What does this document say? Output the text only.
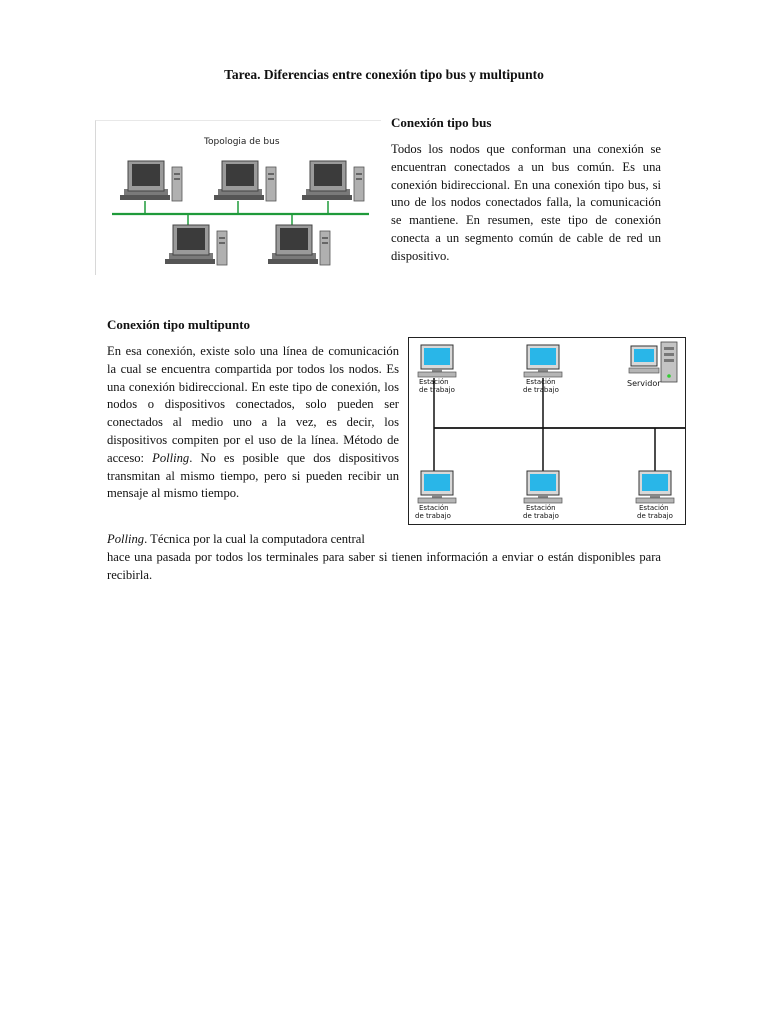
Tarea. Diferencias entre conexión tipo bus y multipunto
Topologia de bus

Conexión tipo bus

Todos los nodos que conforman una conexión se encuentran conectados a un bus común. Es una conexión bidireccional. En una conexión tipo bus, si uno de los nodos conectados falla, la comunicación se mantiene. En resumen, este tipo de conexión conecta a un segmento común de cable de red un dispositivo.

Conexión tipo multipunto

En esa conexión, existe solo una línea de comunicación la cual se encuentra compartida por todos los nodos. Es una conexión bidireccional. En este tipo de conexión, los nodos o dispositivos conectados, solo pueden ser conectados al medio uno a la vez, es decir, los dispositivos compiten por el uso de la línea. Método de acceso: Polling. No es posible que dos dispositivos transmitan al mismo tiempo, pero si pueden recibir un mensaje al mismo tiempo.

Estación
de trabajo
Estación
de trabajo
Servidor
Estación
de trabajo
Estación
de trabajo
Estación
de trabajo

Polling. Técnica por la cual la computadora central
hace una pasada por todos los terminales para saber si tienen información a enviar o están disponibles para recibirla.
